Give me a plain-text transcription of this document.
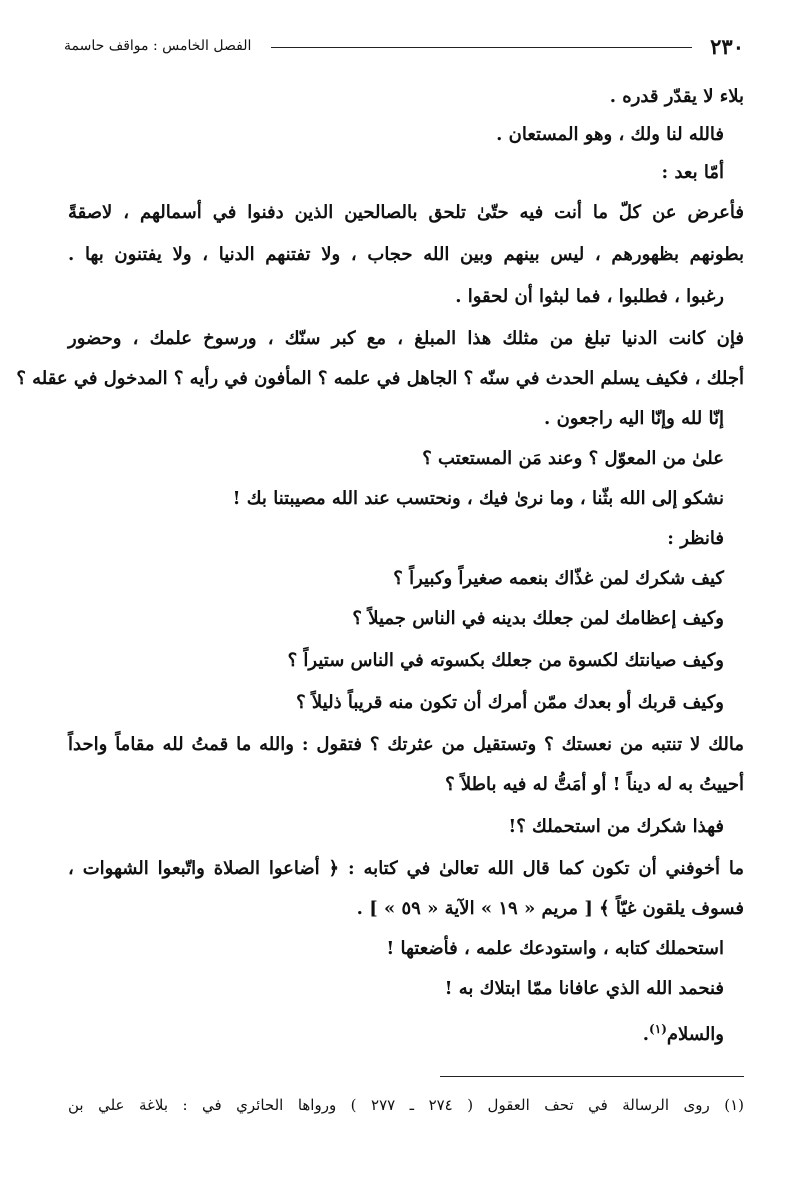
٢٣٠
الفصل الخامس : مواقف حاسمة
بلاء لا يقدّر قدره .
فالله لنا ولك ، وهو المستعان .
أمّا بعد :
فأعرض عن كلّ ما أنت فيه حتّىٰ تلحق بالصالحين الذين دفنوا في أسمالهم ، لاصقةً
بطونهم بظهورهم ، ليس بينهم وبين الله حجاب ، ولا تفتنهم الدنيا ، ولا يفتنون بها .
رغبوا ، فطلبوا ، فما لبثوا أن لحقوا .
فإن كانت الدنيا تبلغ من مثلك هذا المبلغ ، مع كبر سنّك ، ورسوخ علمك ، وحضور
أجلك ، فكيف يسلم الحدث في سنّه ؟ الجاهل في علمه ؟ المأفون في رأيه ؟ المدخول في عقله ؟
إنّا لله وإنّا اليه راجعون .
علىٰ من المعوّل ؟ وعند مَن المستعتب ؟
نشكو إلى الله بثّنا ، وما نرىٰ فيك ، ونحتسب عند الله مصيبتنا بك !
فانظر :
كيف شكرك لمن غذّاك بنعمه صغيراً وكبيراً ؟
وكيف إعظامك لمن جعلك بدينه في الناس جميلاً ؟
وكيف صيانتك لكسوة من جعلك بكسوته في الناس ستيراً ؟
وكيف قربك أو بعدك ممّن أمرك أن تكون منه قريباً ذليلاً ؟
مالك لا تنتبه من نعستك ؟ وتستقيل من عثرتك ؟ فتقول : والله ما قمتُ لله مقاماً واحداً
أحييتُ به له ديناً ! أو أمَتُّ له فيه باطلاً ؟
فهذا شكرك من استحملك ؟!
ما أخوفني أن تكون كما قال الله تعالىٰ في كتابه : ﴿ أضاعوا الصلاة واتّبعوا الشهوات ،
فسوف يلقون غيّاً ﴾ [ مريم « ١٩ » الآية « ٥٩ » ] .
استحملك كتابه ، واستودعك علمه ، فأضعتها !
فنحمد الله الذي عافانا ممّا ابتلاك به !
والسلام$^{(١)}$.
(١) روى الرسالة في تحف العقول ( ٢٧٤ ـ ٢٧٧ ) ورواها الحائري في : بلاغة علي بن
